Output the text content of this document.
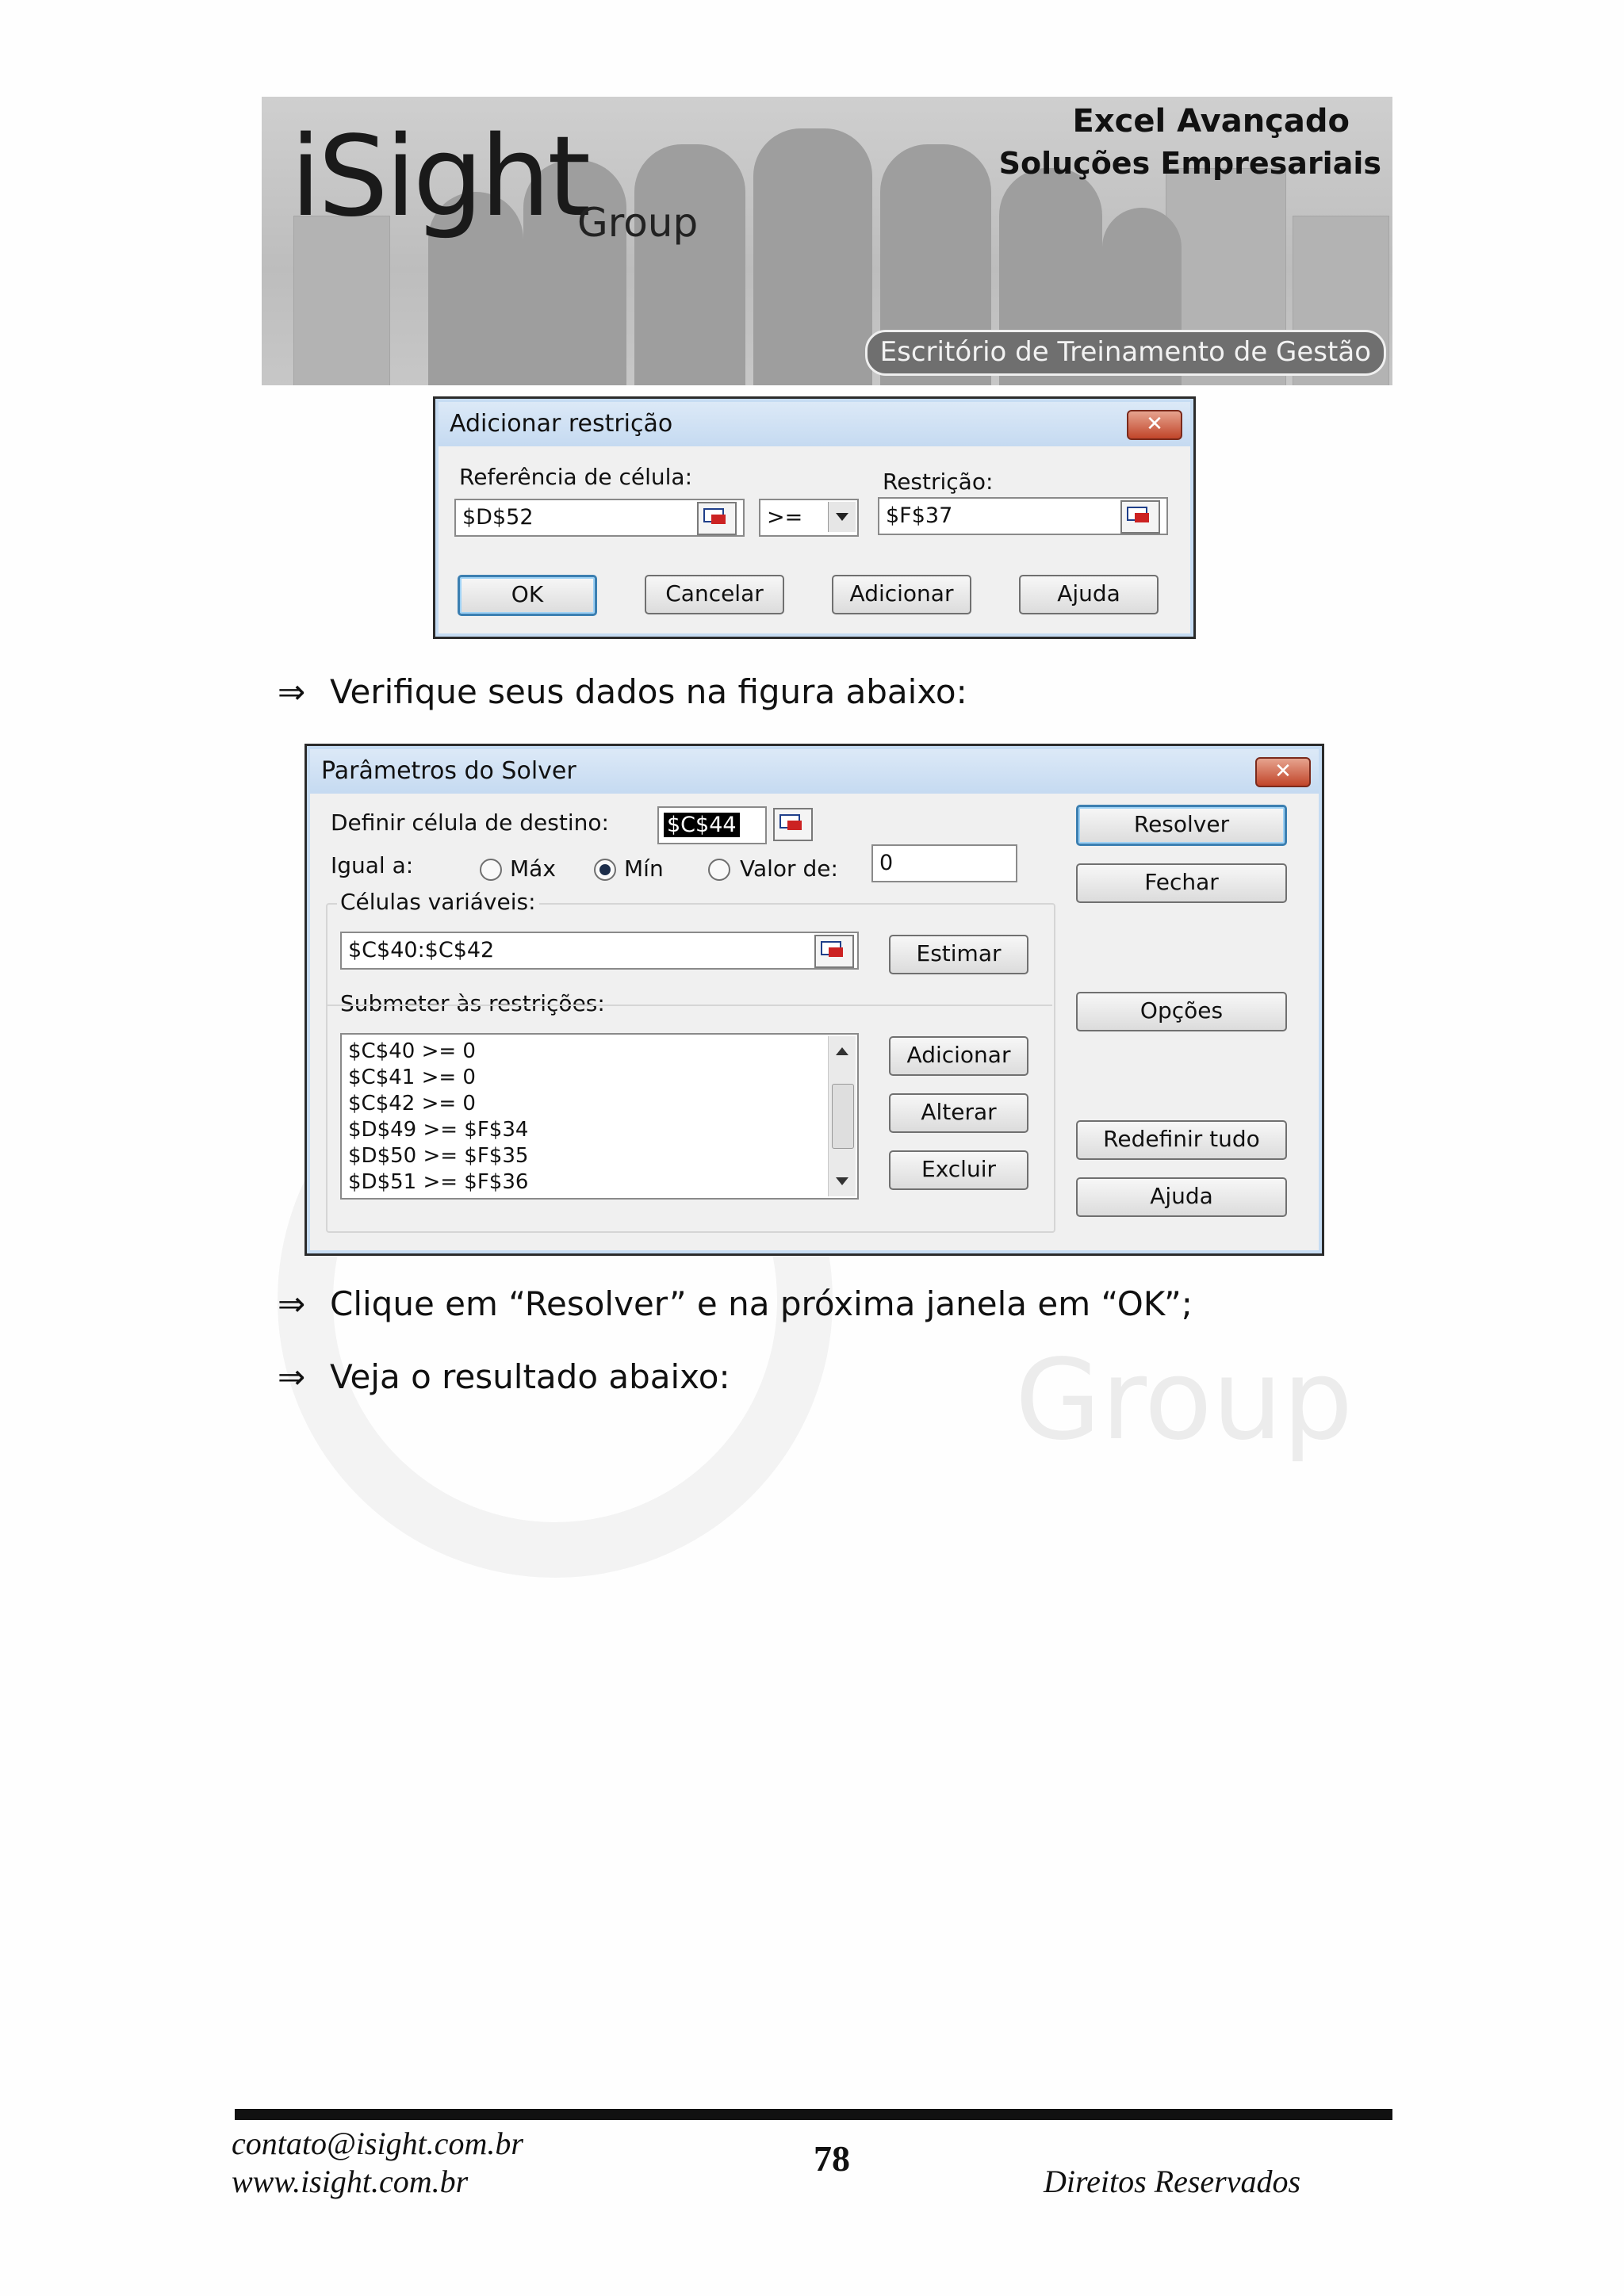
Group
iSight
Group
Excel Avançado
Soluções Empresariais
Escritório de Treinamento de Gestão
Adicionar restrição	✕
Referência de célula:
$D$52	>=
Restrição:
$F$37
OK	Cancelar	Adicionar	Ajuda
⇒ Verifique seus dados na figura abaixo:
Parâmetros do Solver	✕
Definir célula de destino:	$C$44
Igual a:	Máx	Mín	Valor de: 0
Células variáveis:
$C$40:$C$42	Estimar
Submeter às restrições:
$C$40 >= 0
$C$41 >= 0
$C$42 >= 0
$D$49 >= $F$34
$D$50 >= $F$35
$D$51 >= $F$36
Adicionar
Alterar
Excluir
Resolver
Fechar
Opções
Redefinir tudo
Ajuda
⇒ Clique em “Resolver” e na próxima janela em “OK”;
⇒ Veja o resultado abaixo:
contato@isight.com.br
www.isight.com.br
78
Direitos Reservados
